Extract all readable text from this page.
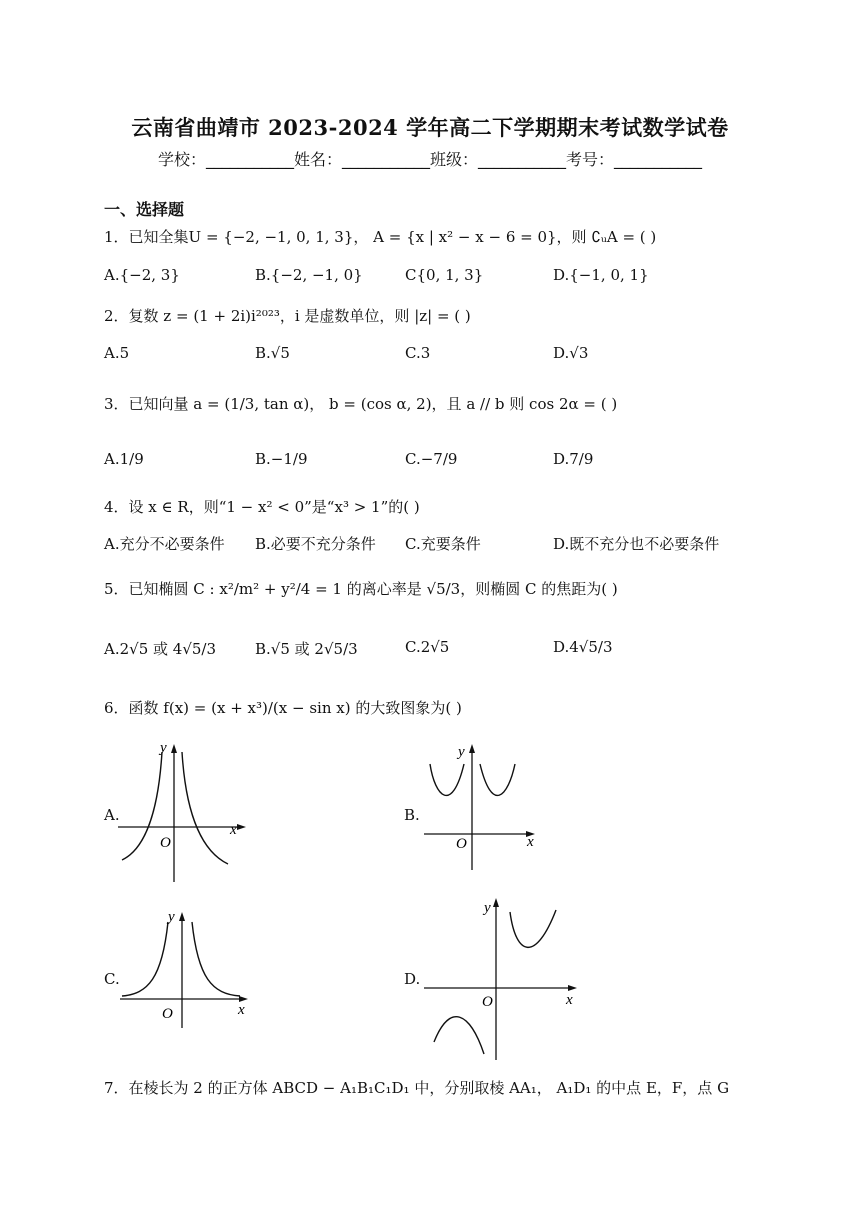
云南省曲靖市 2023-2024 学年高二下学期期末考试数学试卷
学校：___________姓名：___________班级：___________考号：___________
一、选择题
1．已知全集U = {−2, −1, 0, 1, 3}， A = {x | x² − x − 6 = 0}，则 ∁ᵤA = ( )
A.{−2, 3}	B.{−2, −1, 0}	C{0, 1, 3}	D.{−1, 0, 1}
2．复数 z = (1 + 2i)i²⁰²³，i 是虚数单位，则 |z| = ( )
A.5	B.√5	C.3	D.√3
3．已知向量 a = (1/3, tan α)， b = (cos α, 2)，且 a // b 则 cos 2α = ( )
A.1/9	B.−1/9	C.−7/9	D.7/9
4．设 x ∈ R，则“1 − x² < 0”是“x³ > 1”的( )
A.充分不必要条件 B.必要不充分条件 C.充要条件	D.既不充分也不必要条件
5．已知椭圆 C : x²/m² + y²/4 = 1 的离心率是 √5/3，则椭圆 C 的焦距为( )
A.2√5 或 4√5/3	B.√5 或 2√5/3	C.2√5	D.4√5/3
6．函数 f(x) = (x + x³)/(x − sin x) 的大致图象为( )
A.
O
x
y
B.
O	x
y
C.
O	x
y
D.
O	x
y
7．在棱长为 2 的正方体 ABCD − A₁B₁C₁D₁ 中，分别取棱 AA₁， A₁D₁ 的中点 E，F，点 G
